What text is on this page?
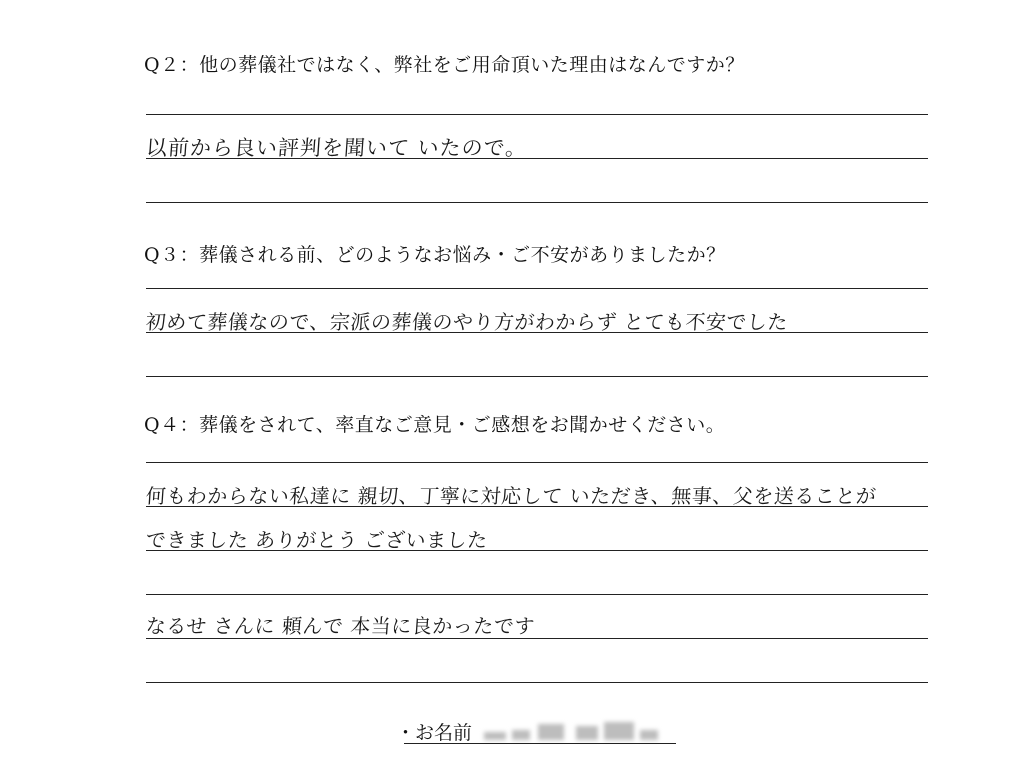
Q２：他の葬儀社ではなく、弊社をご用命頂いた理由はなんですか？
以前から良い評判を聞いて いたので。
Q３：葬儀される前、どのようなお悩み・ご不安がありましたか？
初めて葬儀なので、宗派の葬儀のやり方がわからず とても不安でした
Q４：葬儀をされて、率直なご意見・ご感想をお聞かせください。
何もわからない私達に 親切、丁寧に対応して いただき、無事、父を送ることが
できました ありがとう ございました
なるせ さんに 頼んで 本当に良かったです
・お名前
